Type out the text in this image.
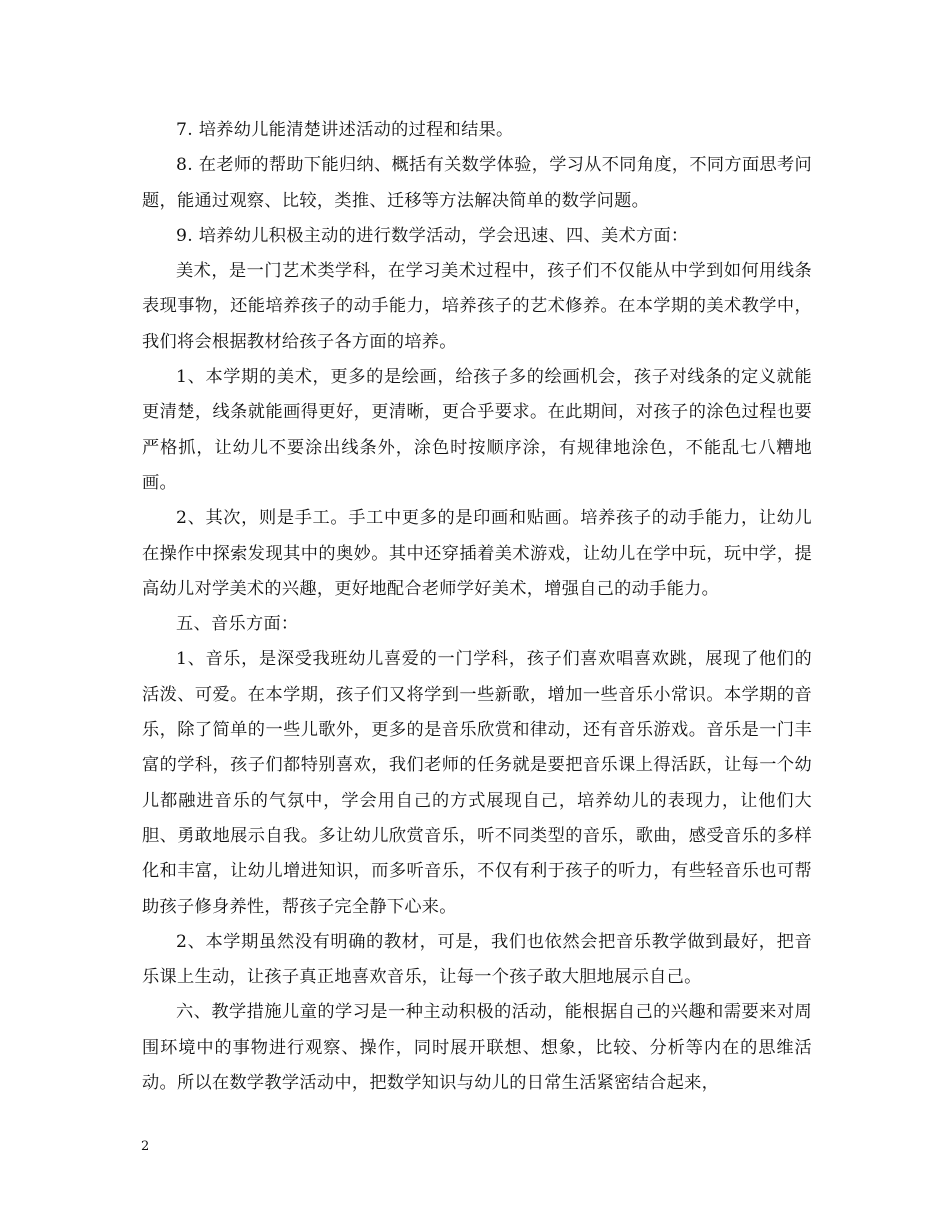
7. 培养幼儿能清楚讲述活动的过程和结果。

8. 在老师的帮助下能归纳、概括有关数学体验，学习从不同角度，不同方面思考问题，能通过观察、比较，类推、迁移等方法解决简单的数学问题。

9. 培养幼儿积极主动的进行数学活动，学会迅速、四、美术方面：

美术，是一门艺术类学科，在学习美术过程中，孩子们不仅能从中学到如何用线条表现事物，还能培养孩子的动手能力，培养孩子的艺术修养。在本学期的美术教学中，我们将会根据教材给孩子各方面的培养。

1、本学期的美术，更多的是绘画，给孩子多的绘画机会，孩子对线条的定义就能更清楚，线条就能画得更好，更清晰，更合乎要求。在此期间，对孩子的涂色过程也要严格抓，让幼儿不要涂出线条外，涂色时按顺序涂，有规律地涂色，不能乱七八糟地画。

2、其次，则是手工。手工中更多的是印画和贴画。培养孩子的动手能力，让幼儿在操作中探索发现其中的奥妙。其中还穿插着美术游戏，让幼儿在学中玩，玩中学，提高幼儿对学美术的兴趣，更好地配合老师学好美术，增强自己的动手能力。

五、音乐方面：

1、音乐，是深受我班幼儿喜爱的一门学科，孩子们喜欢唱喜欢跳，展现了他们的活泼、可爱。在本学期，孩子们又将学到一些新歌，增加一些音乐小常识。本学期的音乐，除了简单的一些儿歌外，更多的是音乐欣赏和律动，还有音乐游戏。音乐是一门丰富的学科，孩子们都特别喜欢，我们老师的任务就是要把音乐课上得活跃，让每一个幼儿都融进音乐的气氛中，学会用自己的方式展现自己，培养幼儿的表现力，让他们大胆、勇敢地展示自我。多让幼儿欣赏音乐，听不同类型的音乐，歌曲，感受音乐的多样化和丰富，让幼儿增进知识，而多听音乐，不仅有利于孩子的听力，有些轻音乐也可帮助孩子修身养性，帮孩子完全静下心来。

2、本学期虽然没有明确的教材，可是，我们也依然会把音乐教学做到最好，把音乐课上生动，让孩子真正地喜欢音乐，让每一个孩子敢大胆地展示自己。

六、教学措施儿童的学习是一种主动积极的活动，能根据自己的兴趣和需要来对周围环境中的事物进行观察、操作，同时展开联想、想象，比较、分析等内在的思维活动。所以在数学教学活动中，把数学知识与幼儿的日常生活紧密结合起来，

2
